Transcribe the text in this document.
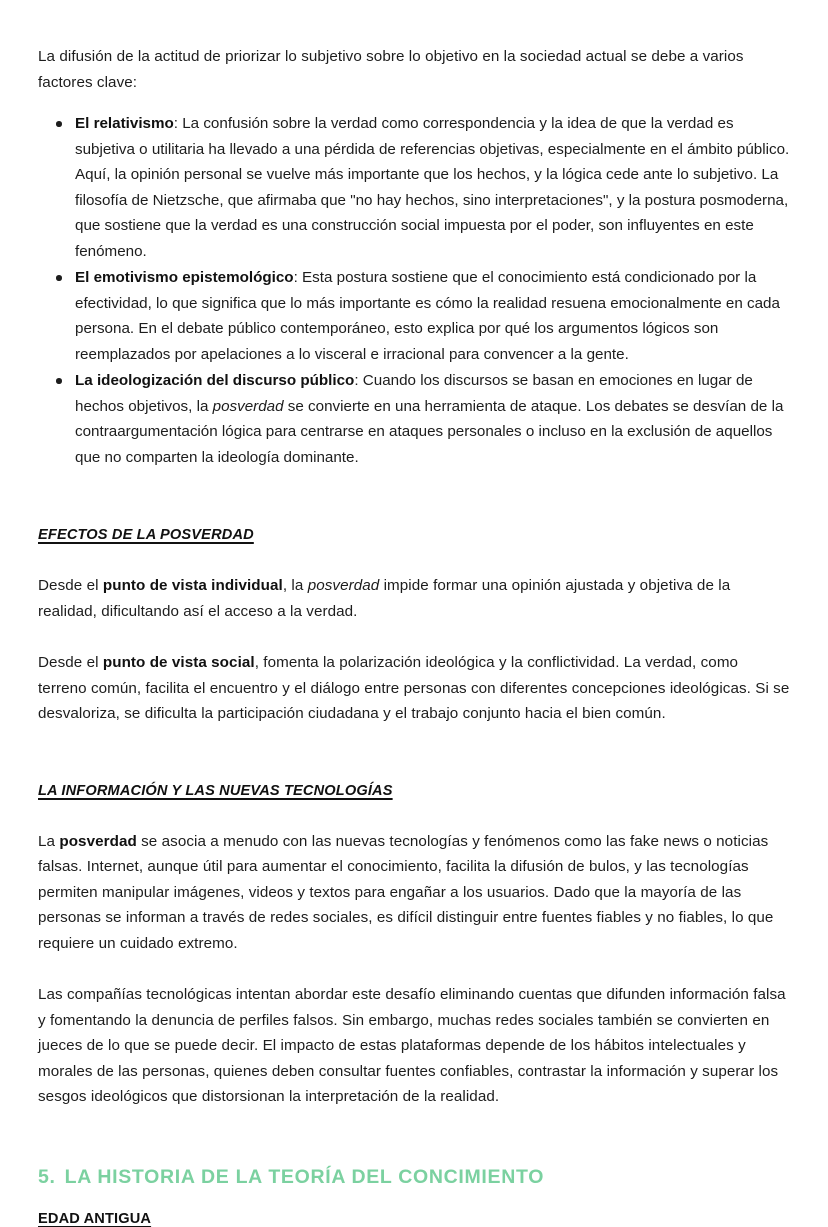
La difusión de la actitud de priorizar lo subjetivo sobre lo objetivo en la sociedad actual se debe a varios factores clave:

El relativismo: La confusión sobre la verdad como correspondencia y la idea de que la verdad es subjetiva o utilitaria ha llevado a una pérdida de referencias objetivas, especialmente en el ámbito público. Aquí, la opinión personal se vuelve más importante que los hechos, y la lógica cede ante lo subjetivo. La filosofía de Nietzsche, que afirmaba que "no hay hechos, sino interpretaciones", y la postura posmoderna, que sostiene que la verdad es una construcción social impuesta por el poder, son influyentes en este fenómeno.
El emotivismo epistemológico: Esta postura sostiene que el conocimiento está condicionado por la efectividad, lo que significa que lo más importante es cómo la realidad resuena emocionalmente en cada persona. En el debate público contemporáneo, esto explica por qué los argumentos lógicos son reemplazados por apelaciones a lo visceral e irracional para convencer a la gente.
La ideologización del discurso público: Cuando los discursos se basan en emociones en lugar de hechos objetivos, la posverdad se convierte en una herramienta de ataque. Los debates se desvían de la contraargumentación lógica para centrarse en ataques personales o incluso en la exclusión de aquellos que no comparten la ideología dominante.

EFECTOS DE LA POSVERDAD

Desde el punto de vista individual, la posverdad impide formar una opinión ajustada y objetiva de la realidad, dificultando así el acceso a la verdad.

Desde el punto de vista social, fomenta la polarización ideológica y la conflictividad. La verdad, como terreno común, facilita el encuentro y el diálogo entre personas con diferentes concepciones ideológicas. Si se desvaloriza, se dificulta la participación ciudadana y el trabajo conjunto hacia el bien común.

LA INFORMACIÓN Y LAS NUEVAS TECNOLOGÍAS

La posverdad se asocia a menudo con las nuevas tecnologías y fenómenos como las fake news o noticias falsas. Internet, aunque útil para aumentar el conocimiento, facilita la difusión de bulos, y las tecnologías permiten manipular imágenes, videos y textos para engañar a los usuarios. Dado que la mayoría de las personas se informan a través de redes sociales, es difícil distinguir entre fuentes fiables y no fiables, lo que requiere un cuidado extremo.

Las compañías tecnológicas intentan abordar este desafío eliminando cuentas que difunden información falsa y fomentando la denuncia de perfiles falsos. Sin embargo, muchas redes sociales también se convierten en jueces de lo que se puede decir. El impacto de estas plataformas depende de los hábitos intelectuales y morales de las personas, quienes deben consultar fuentes confiables, contrastar la información y superar los sesgos ideológicos que distorsionan la interpretación de la realidad.

5. LA HISTORIA DE LA TEORÍA DEL CONCIMIENTO

EDAD ANTIGUA
